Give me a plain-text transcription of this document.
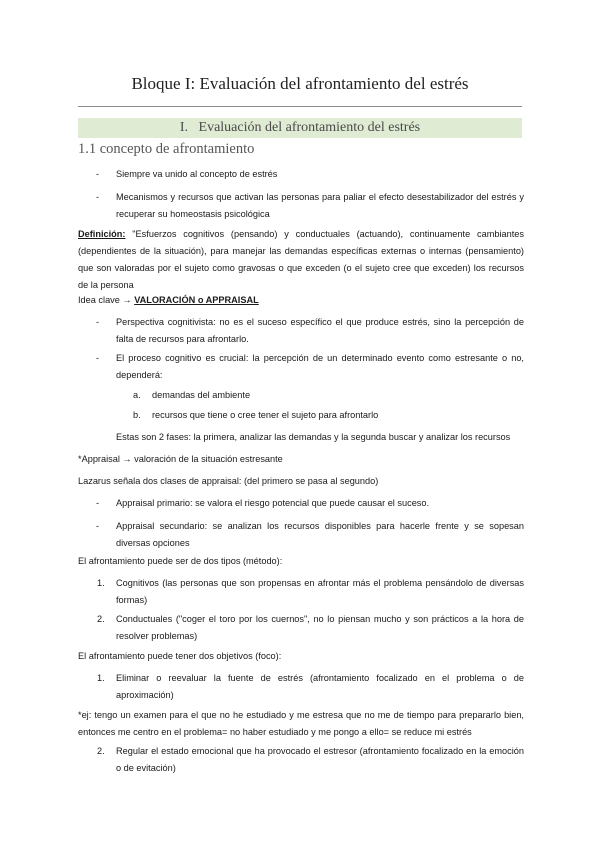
Bloque I: Evaluación del afrontamiento del estrés
I. Evaluación del afrontamiento del estrés
1.1 concepto de afrontamiento
- Siempre va unido al concepto de estrés
- Mecanismos y recursos que activan las personas para paliar el efecto desestabilizador del estrés y recuperar su homeostasis psicológica
Definición: "Esfuerzos cognitivos (pensando) y conductuales (actuando), continuamente cambiantes (dependientes de la situación), para manejar las demandas específicas externas o internas (pensamiento) que son valoradas por el sujeto como gravosas o que exceden (o el sujeto cree que exceden) los recursos de la persona
Idea clave → VALORACIÓN o APPRAISAL
- Perspectiva cognitivista: no es el suceso específico el que produce estrés, sino la percepción de falta de recursos para afrontarlo.
- El proceso cognitivo es crucial: la percepción de un determinado evento como estresante o no, dependerá:
a. demandas del ambiente
b. recursos que tiene o cree tener el sujeto para afrontarlo
Estas son 2 fases: la primera, analizar las demandas y la segunda buscar y analizar los recursos
*Appraisal → valoración de la situación estresante
Lazarus señala dos clases de appraisal: (del primero se pasa al segundo)
- Appraisal primario: se valora el riesgo potencial que puede causar el suceso.
- Appraisal secundario: se analizan los recursos disponibles para hacerle frente y se sopesan diversas opciones
El afrontamiento puede ser de dos tipos (método):
1. Cognitivos (las personas que son propensas en afrontar más el problema pensándolo de diversas formas)
2. Conductuales ("coger el toro por los cuernos", no lo piensan mucho y son prácticos a la hora de resolver problemas)
El afrontamiento puede tener dos objetivos (foco):
1. Eliminar o reevaluar la fuente de estrés (afrontamiento focalizado en el problema o de aproximación)
*ej: tengo un examen para el que no he estudiado y me estresa que no me de tiempo para prepararlo bien, entonces me centro en el problema= no haber estudiado y me pongo a ello= se reduce mi estrés
2. Regular el estado emocional que ha provocado el estresor (afrontamiento focalizado en la emoción o de evitación)
